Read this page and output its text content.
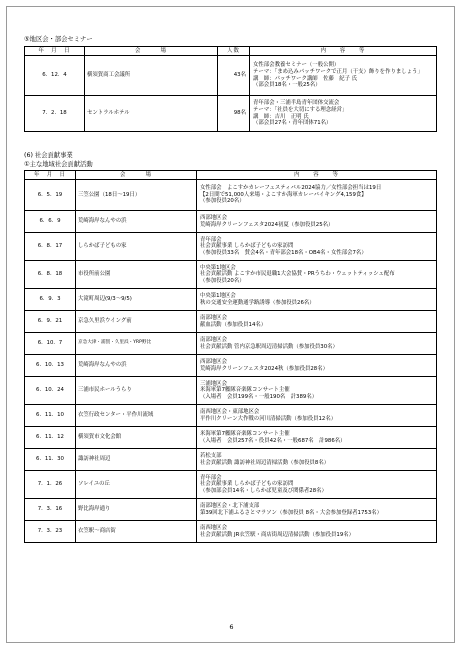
⑤地区会・部会セミナー
年　月　日	会　　　場	人数	内　　容　　等
6．12．4	横須賀商工会議所	43名	女性部会教養セミナー（一般公開）
テーマ：「まめ込みパッチワークで正月（干支）飾りを作りましょう」
講　師：パッチワーク講師　佐藤　紀子 氏
（部会員18名・一般25名）

7．2．18	セントラルホテル	98名	青年部会・三浦半島青年団体交流会
テーマ：「社員を大切にする理念経営」
講　師：吉川　正明 氏
（部会員27名・青年団体71名）
(6) 社会貢献事業
①主な地域社会貢献活動
年　月　日	会　　　場	内　　容　　等
6．5．19	三笠公園（18日～19日）	女性部会　よこすかカレーフェスティバル2024協力／女性部会担当は19日
【2日間で51,000人来場・よこすか海軍カレーバイキング4,159食】
（参加役員20名）

6．6．9	荒崎海岸なんやの浜	西部地区会
荒崎海岸クリーンフェスタ2024初夏（参加役員25名）

6．8．17	しらかば子どもの家	青年部会
社会貢献事業 しらかば子どもの家訪問
（参加役員33名　賛会4名・青年部会18名・OB4名・女性部会7名）

6．8．18	市役所前公園	中央第1地区会
社会貢献活動 よこすか市民退職1大会協賛・PRうちわ・ウェットティッシュ配布
（参加役員20名）

6．9．3	大滝町周辺(9/3～9/5)	中央第1地区会
秋の交通安全運動通学路誘導（参加役員26名）

6．9．21	京急久里浜ウイング前	南部地区会
献血活動（参加役員14名）

6．10．7	京急大津・浦賀・久里浜・YRP野比	南部地区会
社会貢献活動 管内京急駅周辺清掃活動（参加役員30名）

6．10．13	荒崎海岸なんやの浜	西部地区会
荒崎海岸クリーンフェスタ2024秋（参加役員28名）

6．10．24	三浦市民ホールうらり	三浦地区会
米海軍第7艦隊音楽隊コンサート主催
（入場者　会員199名・一般190名　計389名）

6．11．10	衣笠行政センター・平作川流域	南西地区会・東部地区会
平作川クリーン大作戦の河川清掃活動（参加役員12名）

6．11．12	横須賀市文化会館	米海軍第7艦隊音楽隊コンサート主催
（入場者　会員257名・役員42名・一般687名　計986名）

6．11．30	諏訪神社周辺	若松支部
社会貢献活動 諏訪神社周辺清掃活動（参加役員8名）

7．1．26	ソレイユの丘	青年部会
社会貢献事業 しらかば子どもの家訪問
（参加部会員14名・しらかば児童及び関係者28名）

7．3．16	野比海岸通り	南部地区会・北下浦支部
第39回北下浦ふるさとマラソン（参加役員 8名・大会参加登録者1753名）

7．3．23	衣笠駅～商店街	南西地区会
社会貢献活動 JR衣笠駅・商店街周辺清掃活動（参加役員19名）
6
